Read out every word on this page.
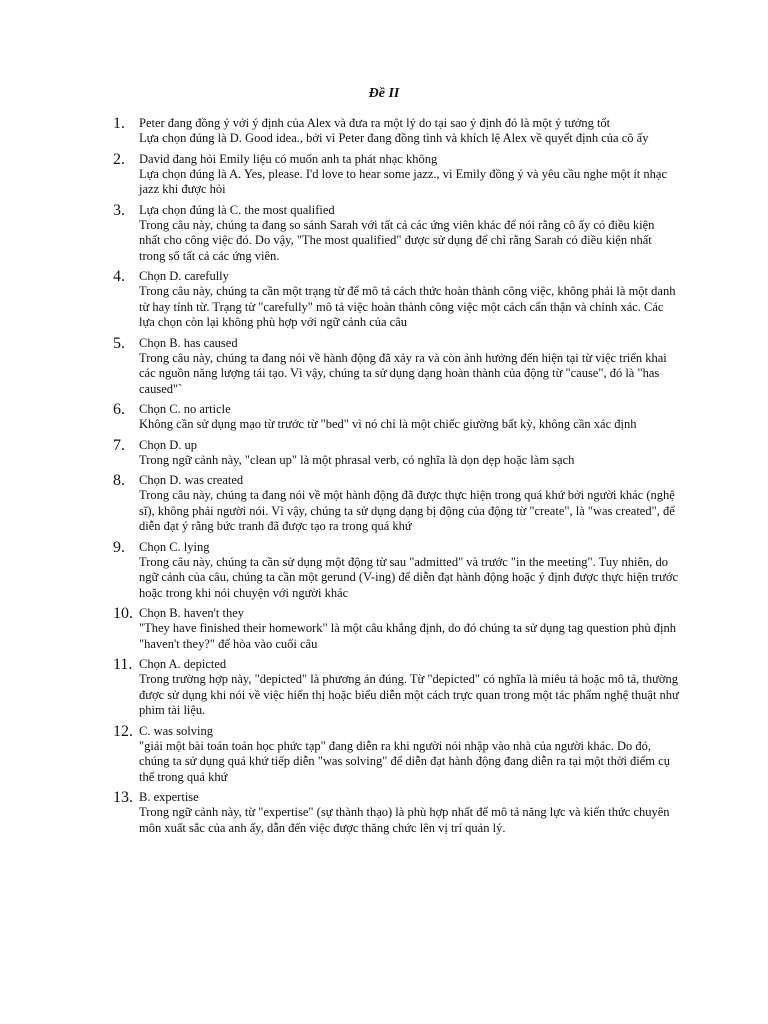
Đề II
1. Peter đang đồng ý với ý định của Alex và đưa ra một lý do tại sao ý định đó là một ý tưởng tốt
Lựa chọn đúng là D. Good idea., bởi vì Peter đang đồng tình và khích lệ Alex về quyết định của cô ấy
2. David đang hỏi Emily liệu có muốn anh ta phát nhạc không
Lựa chọn đúng là A. Yes, please. I'd love to hear some jazz., vì Emily đồng ý và yêu cầu nghe một ít nhạc jazz khi được hỏi
3. Lựa chọn đúng là C. the most qualified
Trong câu này, chúng ta đang so sánh Sarah với tất cả các ứng viên khác để nói rằng cô ấy có điều kiện nhất cho công việc đó. Do vậy, "The most qualified" được sử dụng để chỉ rằng Sarah có điều kiện nhất trong số tất cả các ứng viên.
4. Chọn D. carefully
Trong câu này, chúng ta cần một trạng từ để mô tả cách thức hoàn thành công việc, không phải là một danh từ hay tính từ. Trạng từ "carefully" mô tả việc hoàn thành công việc một cách cẩn thận và chính xác. Các lựa chọn còn lại không phù hợp với ngữ cảnh của câu
5. Chọn B. has caused
Trong câu này, chúng ta đang nói về hành động đã xảy ra và còn ảnh hưởng đến hiện tại từ việc triển khai các nguồn năng lượng tái tạo. Vì vậy, chúng ta sử dụng dạng hoàn thành của động từ "cause", đó là "has caused"`
6. Chọn C. no article
Không cần sử dụng mạo từ trước từ "bed" vì nó chỉ là một chiếc giường bất kỳ, không cần xác định
7. Chọn D. up
Trong ngữ cảnh này, "clean up" là một phrasal verb, có nghĩa là dọn dẹp hoặc làm sạch
8. Chọn D. was created
Trong câu này, chúng ta đang nói về một hành động đã được thực hiện trong quá khứ bởi người khác (nghệ sĩ), không phải người nói. Vì vậy, chúng ta sử dụng dạng bị động của động từ "create", là "was created", để diễn đạt ý rằng bức tranh đã được tạo ra trong quá khứ
9. Chọn C. lying
Trong câu này, chúng ta cần sử dụng một động từ sau "admitted" và trước "in the meeting". Tuy nhiên, do ngữ cảnh của câu, chúng ta cần một gerund (V-ing) để diễn đạt hành động hoặc ý định được thực hiện trước hoặc trong khi nói chuyện với người khác
10. Chọn B. haven't they
"They have finished their homework" là một câu khẳng định, do đó chúng ta sử dụng tag question phủ định "haven't they?" để hòa vào cuối câu
11. Chọn A. depicted
Trong trường hợp này, "depicted" là phương án đúng. Từ "depicted" có nghĩa là miêu tả hoặc mô tả, thường được sử dụng khi nói về việc hiển thị hoặc biểu diễn một cách trực quan trong một tác phẩm nghệ thuật như phim tài liệu.
12. C. was solving
"giải một bài toán toán học phức tạp" đang diễn ra khi người nói nhập vào nhà của người khác. Do đó, chúng ta sử dụng quá khứ tiếp diễn "was solving" để diễn đạt hành động đang diễn ra tại một thời điểm cụ thể trong quá khứ
13. B. expertise
Trong ngữ cảnh này, từ "expertise" (sự thành thạo) là phù hợp nhất để mô tả năng lực và kiến thức chuyên môn xuất sắc của anh ấy, dẫn đến việc được thăng chức lên vị trí quản lý.
